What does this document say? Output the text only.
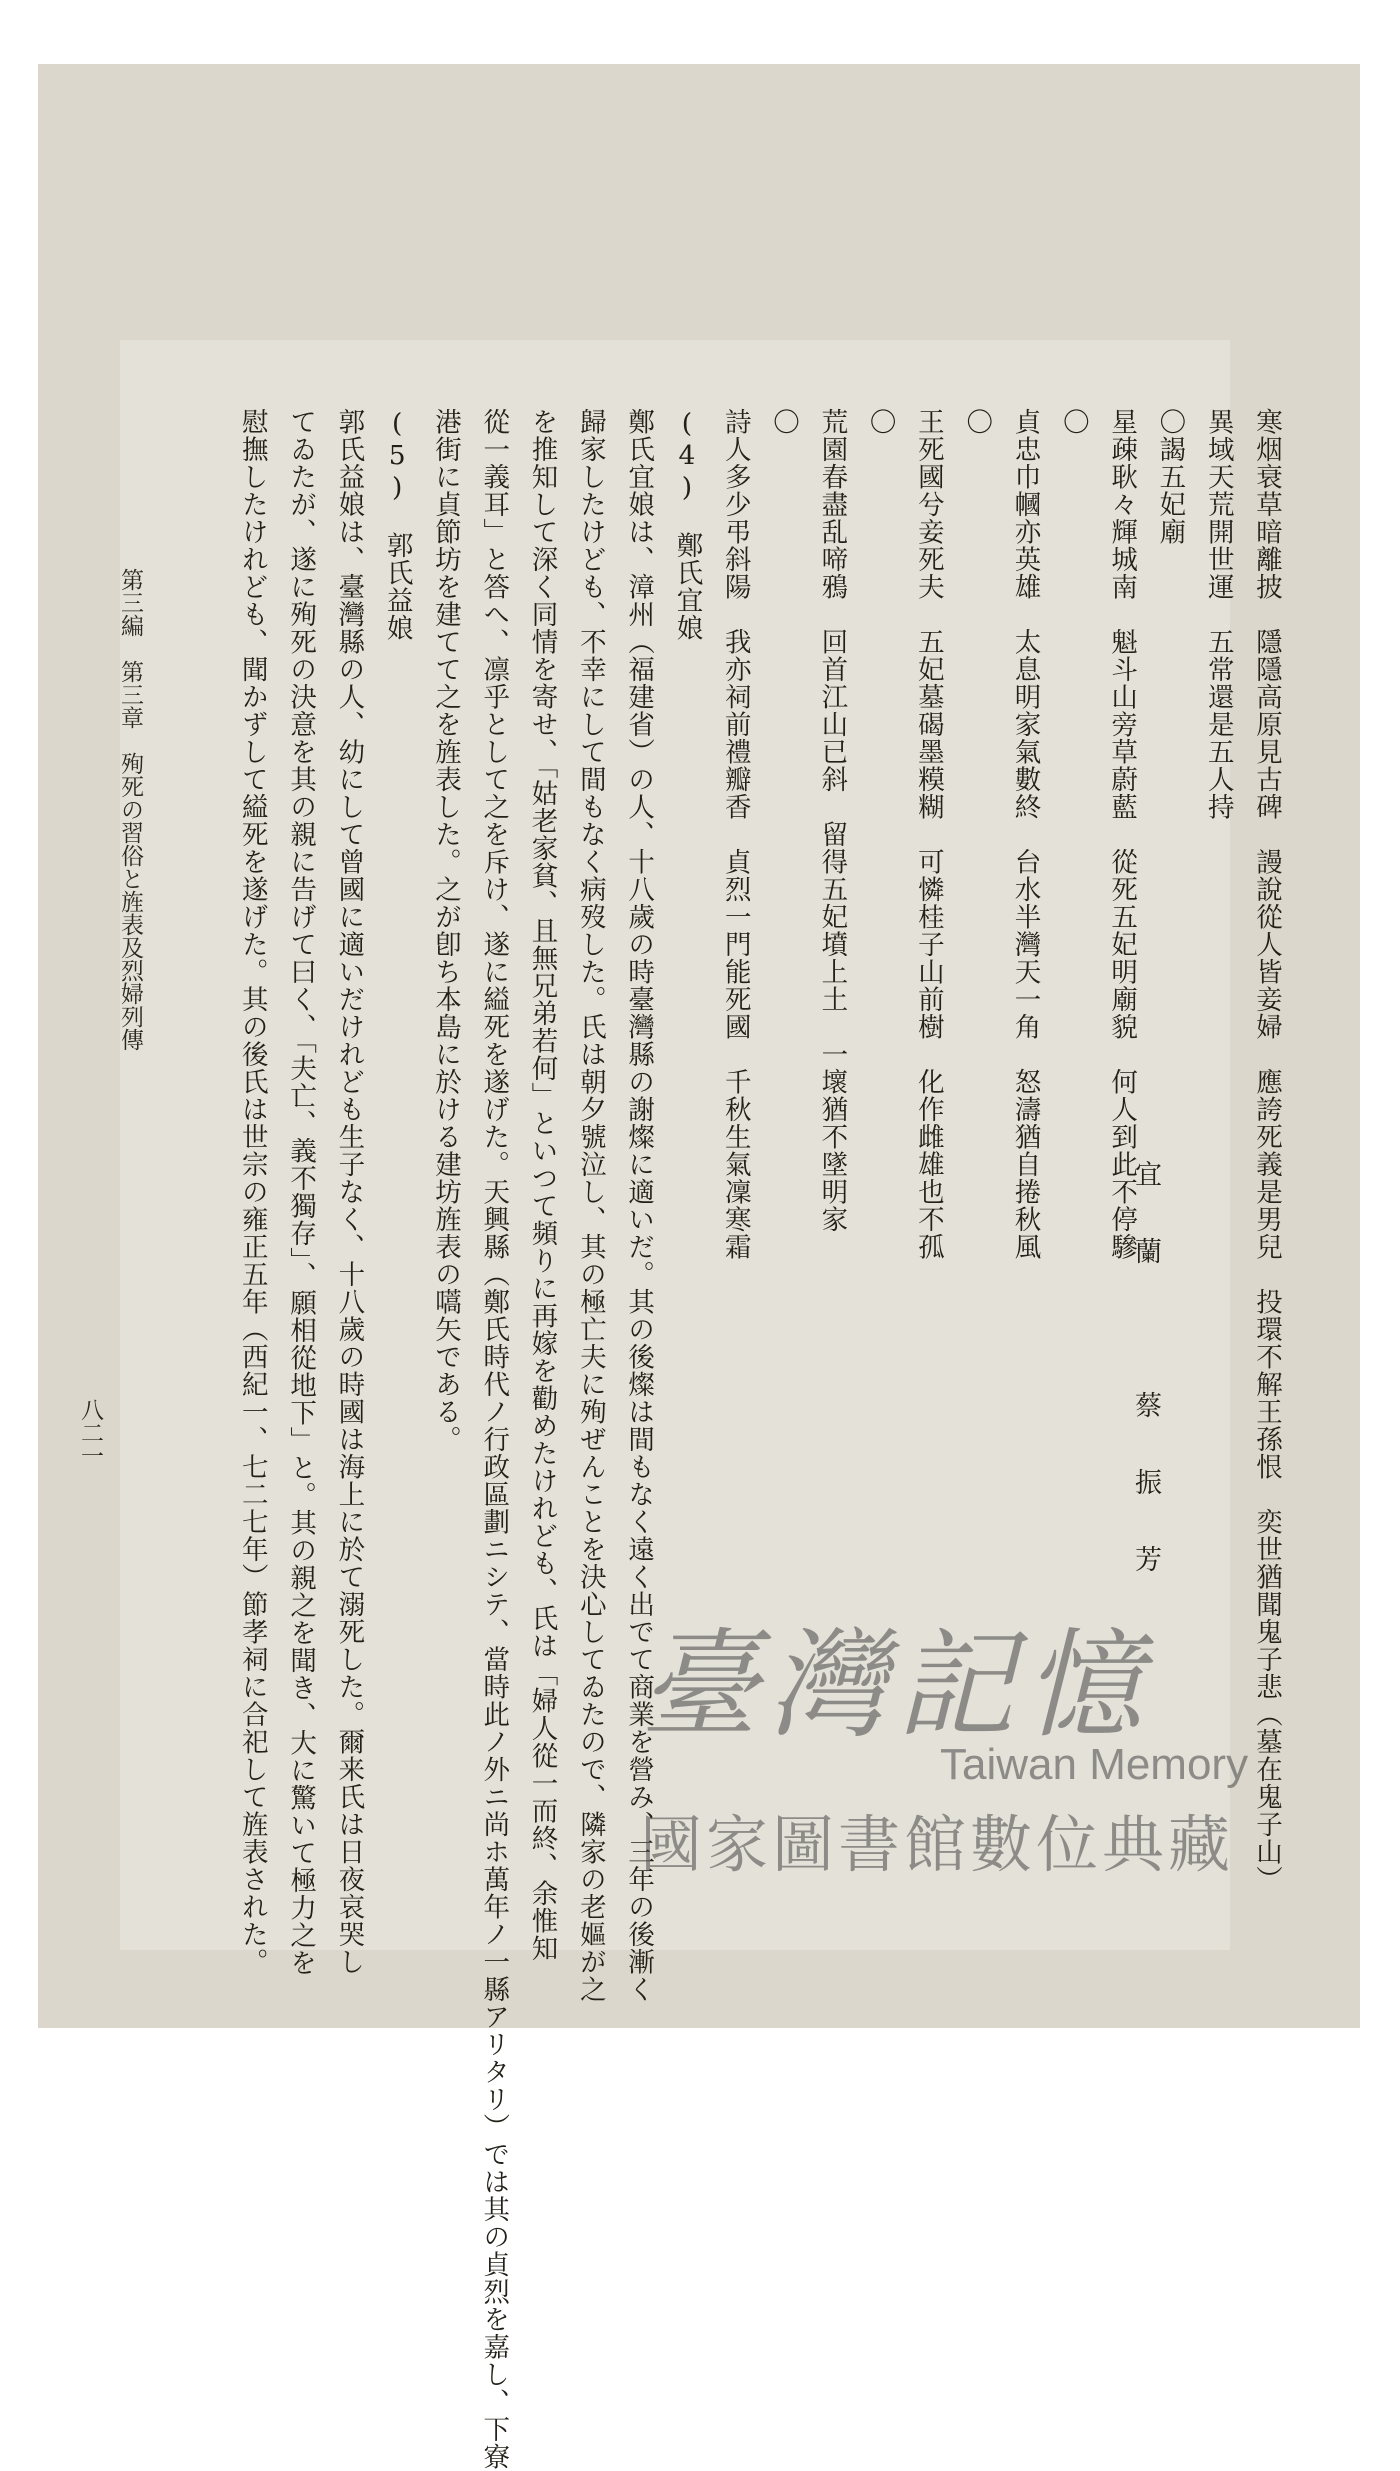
寒烟衰草暗離披　隱隱高原見古碑　謾說從人皆妾婦　應誇死義是男兒　投環不解王孫恨　奕世猶聞鬼子悲（墓在鬼子山）

異域天荒開世運　五常還是五人持

〇謁五妃廟

星疎耿々輝城南　魁斗山旁草蔚藍　從死五妃明廟貌　何人到此不停驂

〇

貞忠巾幗亦英雄　太息明家氣數終　台水半灣天一角　怒濤猶自捲秋風

〇

王死國兮妾死夫　五妃墓碣墨糢糊　可憐桂子山前樹　化作雌雄也不孤

〇

荒園春盡乱啼鴉　回首江山已斜　留得五妃墳上土　一壞猶不墜明家

〇

詩人多少弔斜陽　我亦祠前禮瓣香　貞烈一門能死國　千秋生氣凜寒霜

(4)　鄭氏宜娘

鄭氏宜娘は、漳州（福建省）の人、十八歲の時臺灣縣の謝燦に適いだ。其の後燦は間もなく遠く出でて商業を營み、三年の後漸く

歸家したけども、不幸にして間もなく病歿した。氏は朝夕號泣し、其の極亡夫に殉ぜんことを決心してゐたので、隣家の老嫗が之

を推知して深く同情を寄せ、「姑老家貧、且無兄弟若何」といつて頻りに再嫁を勸めたけれども、氏は「婦人從一而終、余惟知

從一義耳」と答へ、凛乎として之を斥け、遂に縊死を遂げた。天興縣（鄭氏時代ノ行政區劃ニシテ、當時此ノ外ニ尚ホ萬年ノ一縣アリタリ）では其の貞烈を嘉し、下寮

港街に貞節坊を建てて之を旌表した。之が卽ち本島に於ける建坊旌表の嚆矢である。

(5)　郭氏益娘

郭氏益娘は、臺灣縣の人、幼にして曾國に適いだけれども生子なく、十八歲の時國は海上に於て溺死した。爾来氏は日夜哀哭し

てゐたが、遂に殉死の決意を其の親に告げて曰く、「夫亡、義不獨存」、願相從地下」と。其の親之を聞き、大に驚いて極力之を

慰撫したけれども、聞かずして縊死を遂げた。其の後氏は世宗の雍正五年（西紀一、七二七年）節孝祠に合祀して旌表された。	宜蘭　蔡振芳
第三編　第三章　殉死の習俗と旌表及烈婦列傳
八二一
臺灣記憶
Taiwan Memory
國家圖書館數位典藏
